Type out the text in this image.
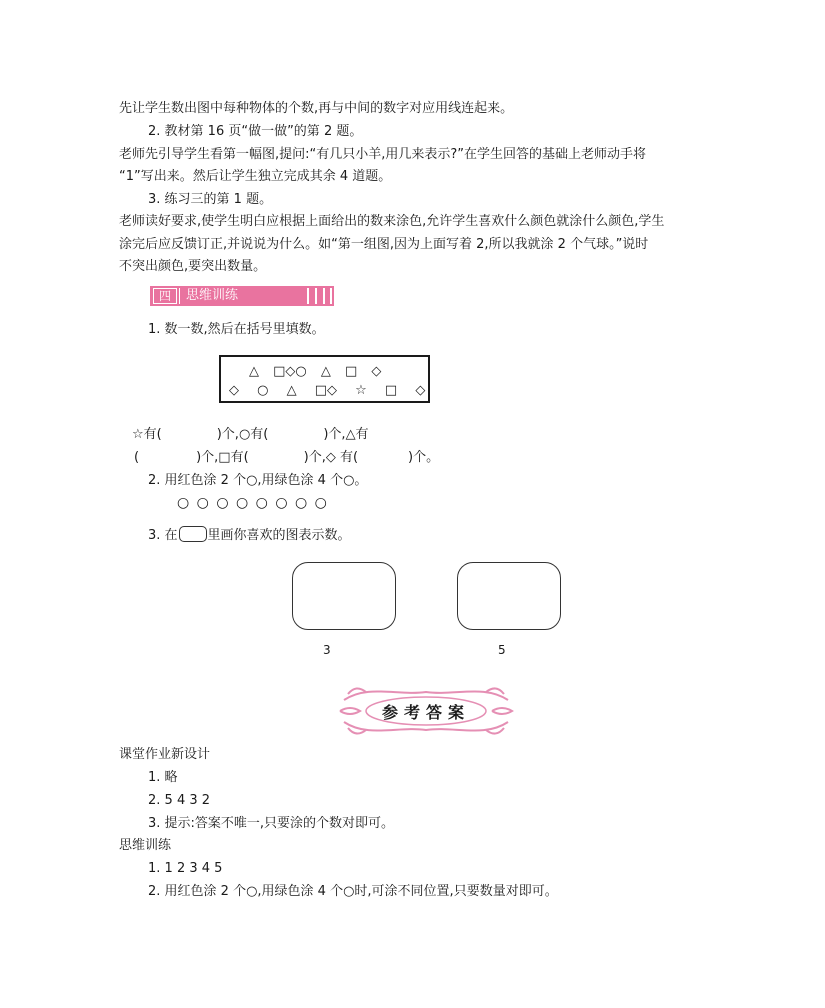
先让学生数出图中每种物体的个数,再与中间的数字对应用线连起来。
2. 教材第 16 页“做一做”的第 2 题。
老师先引导学生看第一幅图,提问:“有几只小羊,用几来表示?”在学生回答的基础上老师动手将
“1”写出来。然后让学生独立完成其余 4 道题。
3. 练习三的第 1 题。
老师读好要求,使学生明白应根据上面给出的数来涂色,允许学生喜欢什么颜色就涂什么颜色,学生
涂完后应反馈订正,并说说为什么。如“第一组图,因为上面写着 2,所以我就涂 2 个气球。”说时
不突出颜色,要突出数量。
四	思维训练
1. 数一数,然后在括号里填数。
△ □◇○ △ □ ◇
◇ ○ △ □◇ ☆ □ ◇
☆有(	)个,○有(	)个,△有
(	)个,□有(	)个,◇ 有(	)个。
2. 用红色涂 2 个○,用绿色涂 4 个○。
○ ○ ○ ○ ○ ○ ○ ○
3. 在 里画你喜欢的图表示数。
3	5
参考答案
课堂作业新设计
1. 略
2. 5 4 3 2
3. 提示:答案不唯一,只要涂的个数对即可。
思维训练
1. 1 2 3 4 5
2. 用红色涂 2 个○,用绿色涂 4 个○时,可涂不同位置,只要数量对即可。
